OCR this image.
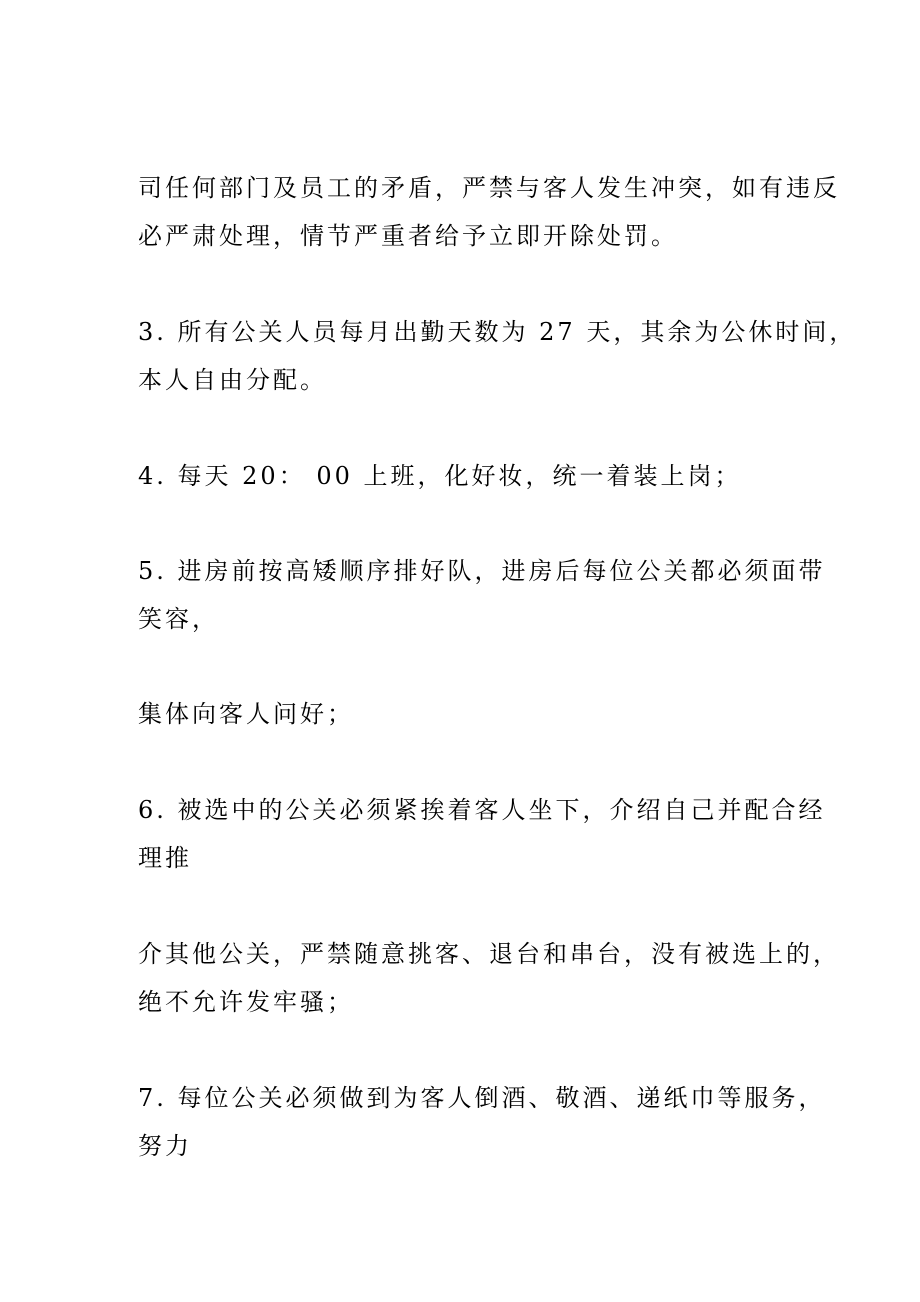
司任何部门及员工的矛盾，严禁与客人发生冲突，如有违反
必严肃处理，情节严重者给予立即开除处罚。
3. 所有公关人员每月出勤天数为 27 天，其余为公休时间，
本人自由分配。
4. 每天 20： 00 上班，化好妆，统一着装上岗；
5. 进房前按高矮顺序排好队，进房后每位公关都必须面带
笑容，
集体向客人问好；
6. 被选中的公关必须紧挨着客人坐下，介绍自己并配合经
理推
介其他公关，严禁随意挑客、退台和串台，没有被选上的，
绝不允许发牢骚；
7. 每位公关必须做到为客人倒酒、敬酒、递纸巾等服务，
努力
